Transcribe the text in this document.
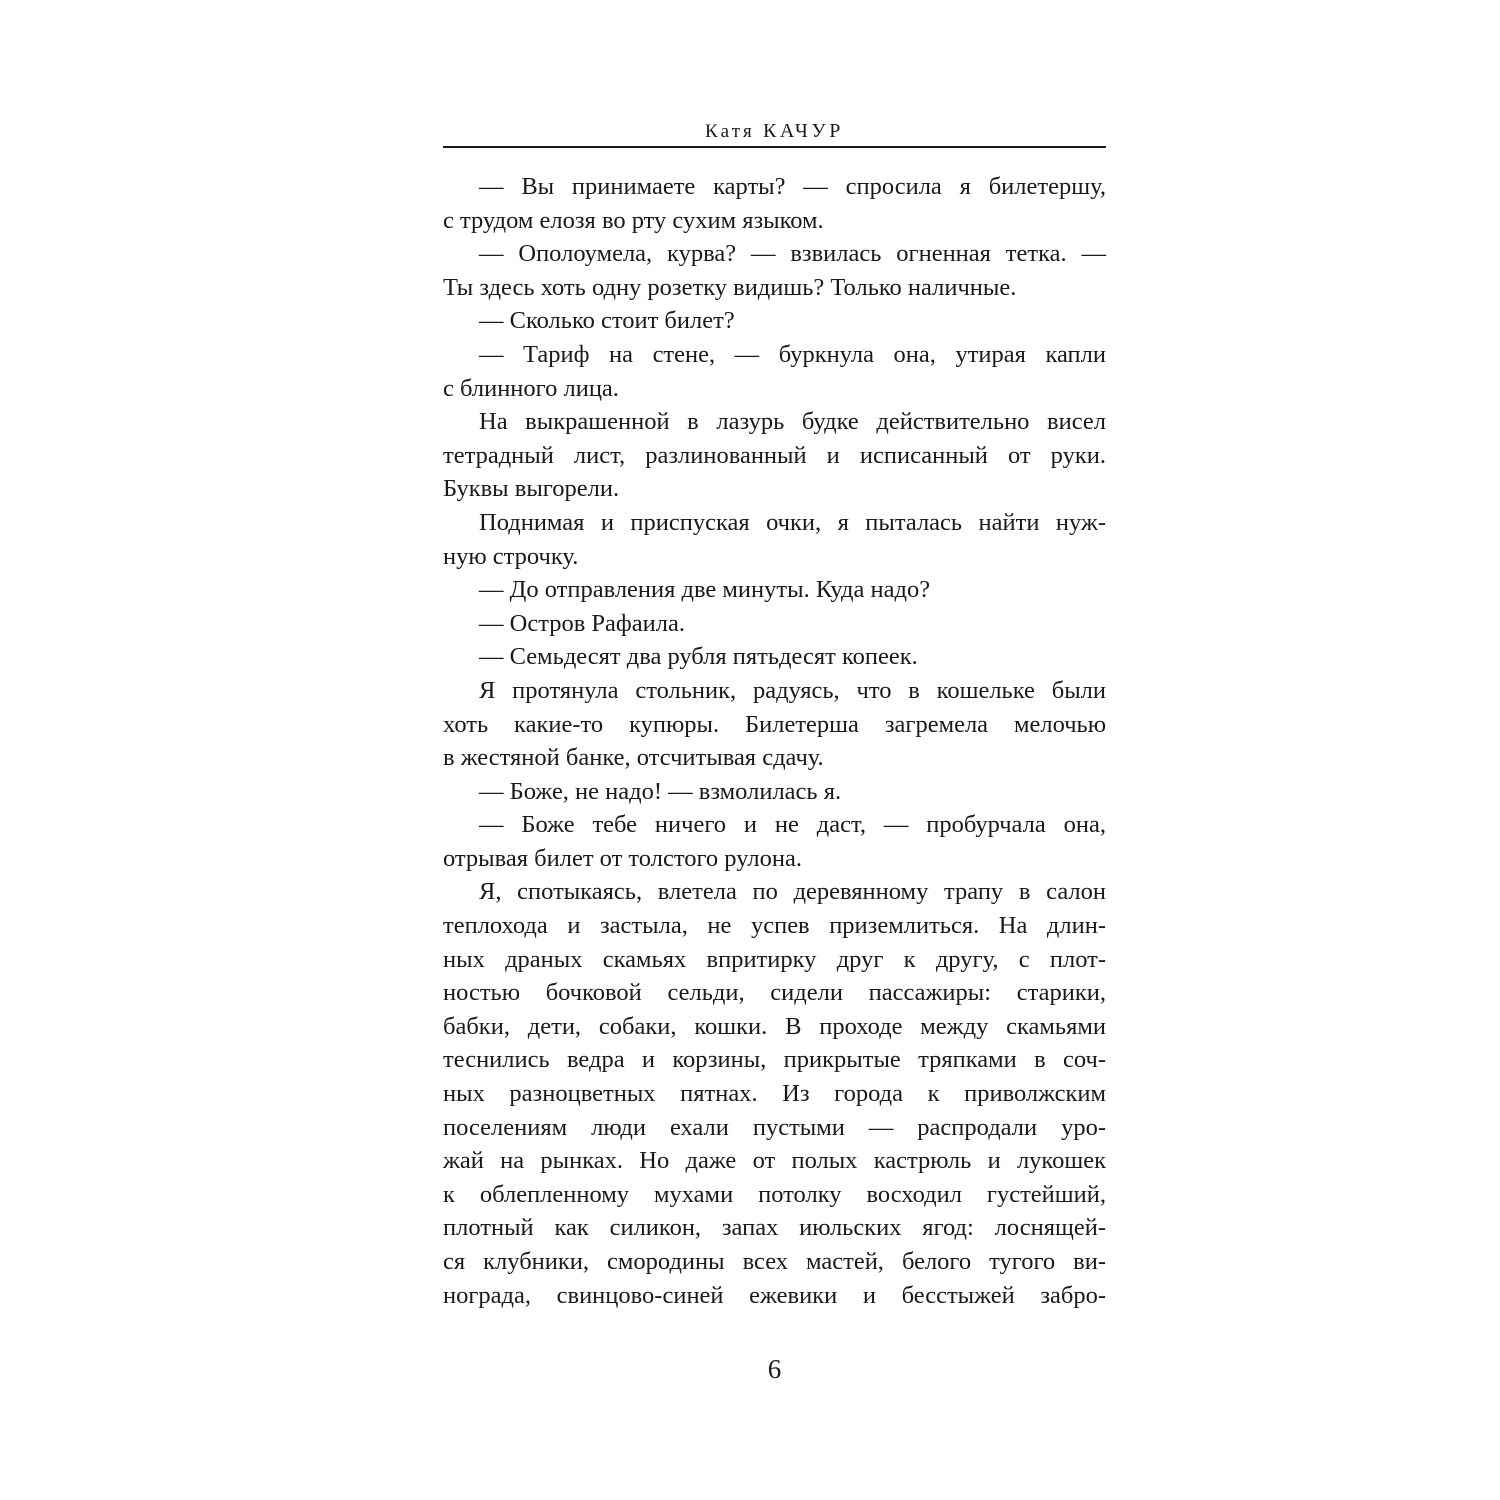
Катя КАЧУР
— Вы принимаете карты? — спросила я билетершу,
с трудом елозя во рту сухим языком.
— Ополоумела, курва? — взвилась огненная тетка. —
Ты здесь хоть одну розетку видишь? Только наличные.
— Сколько стоит билет?
— Тариф на стене, — буркнула она, утирая капли
с блинного лица.
На выкрашенной в лазурь будке действительно висел
тетрадный лист, разлинованный и исписанный от руки.
Буквы выгорели.
Поднимая и приспуская очки, я пыталась найти нуж-
ную строчку.
— До отправления две минуты. Куда надо?
— Остров Рафаила.
— Семьдесят два рубля пятьдесят копеек.
Я протянула стольник, радуясь, что в кошельке были
хоть какие-то купюры. Билетерша загремела мелочью
в жестяной банке, отсчитывая сдачу.
— Боже, не надо! — взмолилась я.
— Боже тебе ничего и не даст, — пробурчала она,
отрывая билет от толстого рулона.
Я, спотыкаясь, влетела по деревянному трапу в салон
теплохода и застыла, не успев приземлиться. На длин-
ных драных скамьях впритирку друг к другу, с плот-
ностью бочковой сельди, сидели пассажиры: старики,
бабки, дети, собаки, кошки. В проходе между скамьями
теснились ведра и корзины, прикрытые тряпками в соч-
ных разноцветных пятнах. Из города к приволжским
поселениям люди ехали пустыми — распродали уро-
жай на рынках. Но даже от полых кастрюль и лукошек
к облепленному мухами потолку восходил густейший,
плотный как силикон, запах июльских ягод: лоснящей-
ся клубники, смородины всех мастей, белого тугого ви-
нограда, свинцово-синей ежевики и бесстыжей забро-
6
